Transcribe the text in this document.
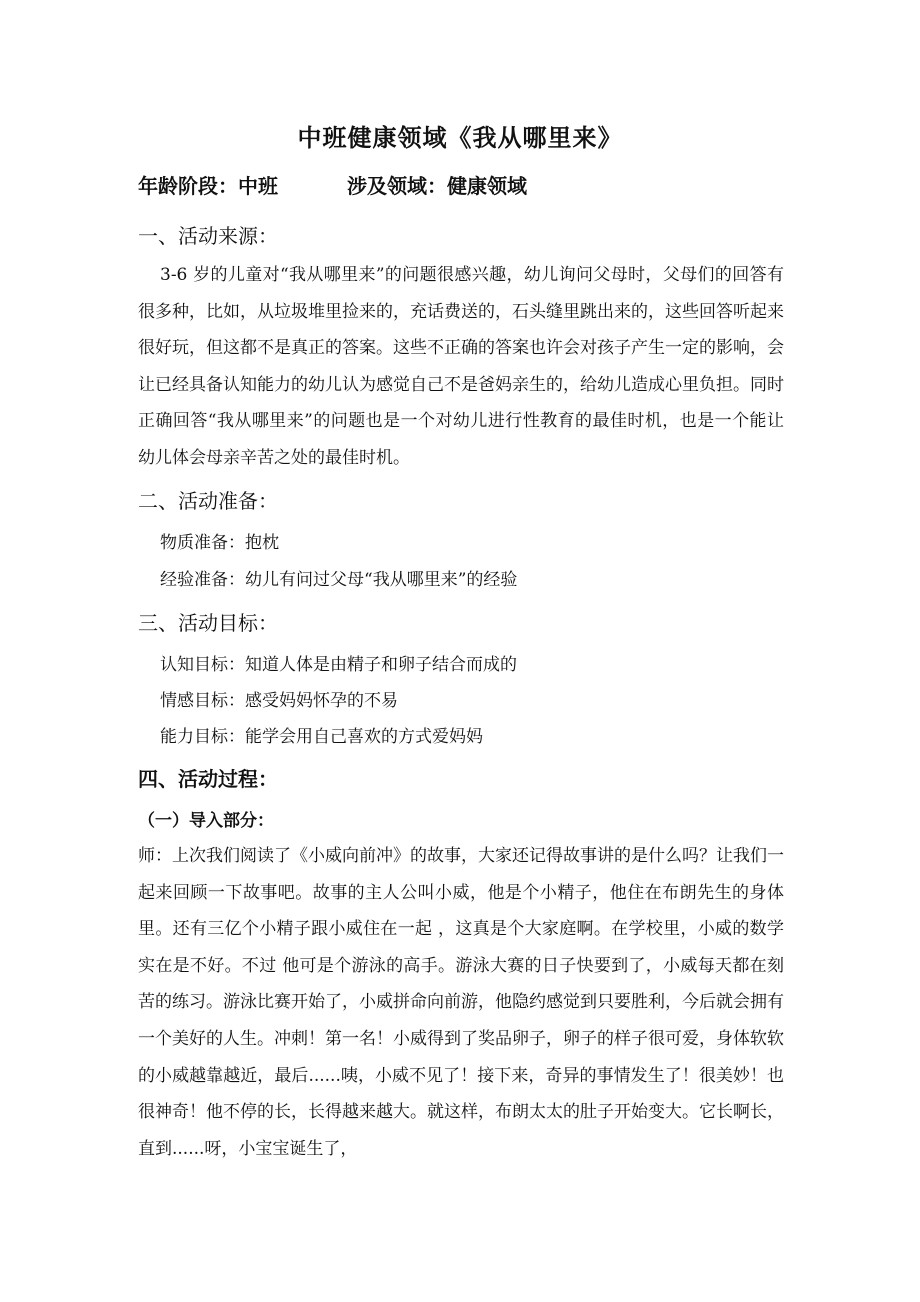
中班健康领域《我从哪里来》
年龄阶段：中班	涉及领域：健康领域
一、活动来源：
3-6 岁的儿童对“我从哪里来”的问题很感兴趣，幼儿询问父母时，父母们的回答有很多种，比如，从垃圾堆里捡来的，充话费送的，石头缝里跳出来的，这些回答听起来很好玩，但这都不是真正的答案。这些不正确的答案也许会对孩子产生一定的影响，会让已经具备认知能力的幼儿认为感觉自己不是爸妈亲生的，给幼儿造成心里负担。同时正确回答“我从哪里来”的问题也是一个对幼儿进行性教育的最佳时机，也是一个能让幼儿体会母亲辛苦之处的最佳时机。
二、活动准备：
物质准备：抱枕
经验准备：幼儿有问过父母“我从哪里来”的经验
三、活动目标：
认知目标：知道人体是由精子和卵子结合而成的
情感目标：感受妈妈怀孕的不易
能力目标：能学会用自己喜欢的方式爱妈妈
四、活动过程：
（一）导入部分：
师：上次我们阅读了《小威向前冲》的故事，大家还记得故事讲的是什么吗？让我们一起来回顾一下故事吧。故事的主人公叫小威，他是个小精子，他住在布朗先生的身体里。还有三亿个小精子跟小威住在一起 ，这真是个大家庭啊。在学校里，小威的数学实在是不好。不过 他可是个游泳的高手。游泳大赛的日子快要到了，小威每天都在刻苦的练习。游泳比赛开始了，小威拼命向前游，他隐约感觉到只要胜利，今后就会拥有一个美好的人生。冲刺！第一名！小威得到了奖品卵子，卵子的样子很可爱，身体软软的小威越靠越近，最后......咦，小威不见了！接下来，奇异的事情发生了！很美妙！也很神奇！他不停的长，长得越来越大。就这样，布朗太太的肚子开始变大。它长啊长，直到......呀，小宝宝诞生了，
